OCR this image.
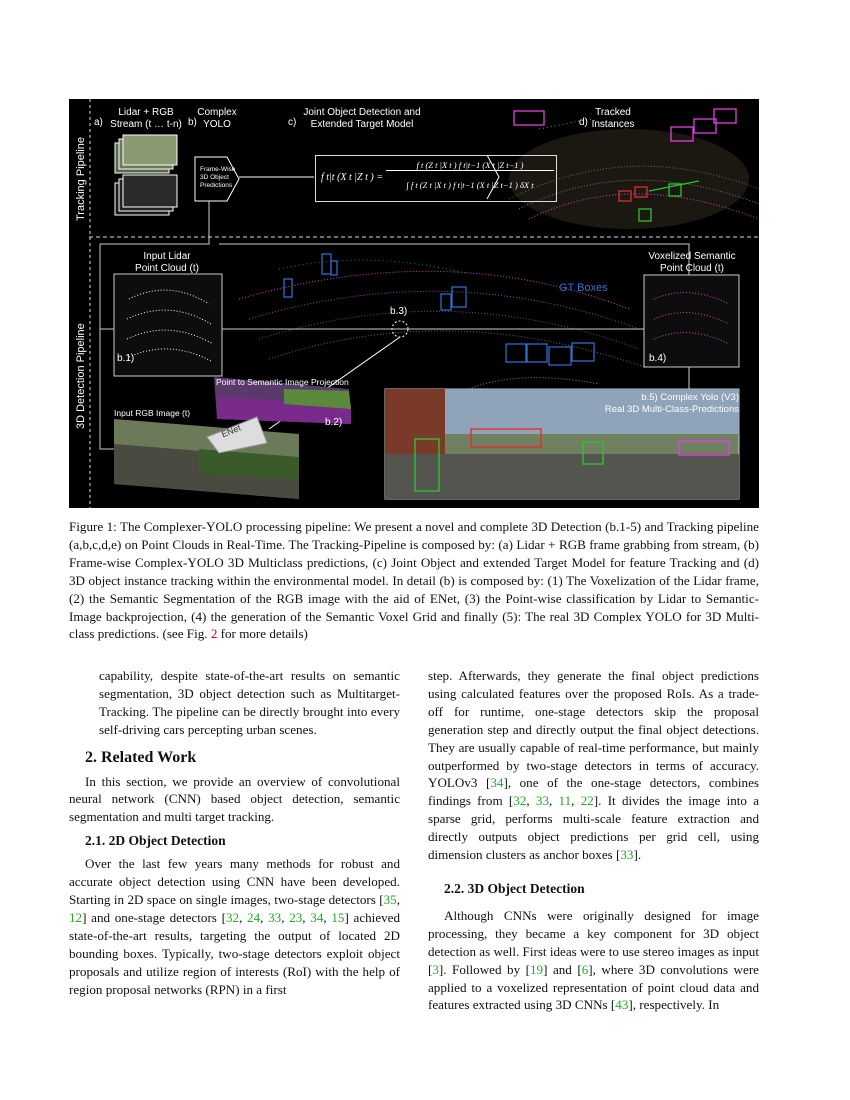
Tracking Pipeline
3D Detection Pipeline
a)
Lidar + RGB
Stream (t … t-n) b)
Complex
YOLO	c)
Joint Object Detection and
Extended Target Model	d)
Tracked
Instances
Frame-Wise
3D Object
Predictions
f t|t (X t |Z t ) =
f t (Z t |X t ) f t|t−1 (X t |Z t−1 )
∫ f t (Z t |X t ) f t|t−1 (X t |Z t−1 ) δX t
Input Lidar
Point Cloud (t)
Voxelized Semantic
Point Cloud (t)
GT Boxes
b.1)
b.3)
b.4)
b.2)
Point to Semantic Image Projection
Input RGB Image (t)
ENet
b.5) Complex Yolo (V3)
Real 3D Multi-Class-Predictions
Figure 1: The Complexer-YOLO processing pipeline: We present a novel and complete 3D Detection (b.1-5) and Tracking pipeline (a,b,c,d,e) on Point Clouds in Real-Time. The Tracking-Pipeline is composed by: (a) Lidar + RGB frame grabbing from stream, (b) Frame-wise Complex-YOLO 3D Multiclass predictions, (c) Joint Object and extended Target Model for feature Tracking and (d) 3D object instance tracking within the environmental model. In detail (b) is composed by: (1) The Voxelization of the Lidar frame, (2) the Semantic Segmentation of the RGB image with the aid of ENet, (3) the Point-wise classification by Lidar to Semantic-Image backprojection, (4) the generation of the Semantic Voxel Grid and finally (5): The real 3D Complex YOLO for 3D Multi-class predictions. (see Fig. 2 for more details)

capability, despite state-of-the-art results on semantic segmentation, 3D object detection such as Multitarget-Tracking. The pipeline can be directly brought into every self-driving cars percepting urban scenes.

2. Related Work

In this section, we provide an overview of convolutional neural network (CNN) based object detection, semantic segmentation and multi target tracking.

2.1. 2D Object Detection

Over the last few years many methods for robust and accurate object detection using CNN have been developed. Starting in 2D space on single images, two-stage detectors [35, 12] and one-stage detectors [32, 24, 33, 23, 34, 15] achieved state-of-the-art results, targeting the output of located 2D bounding boxes. Typically, two-stage detectors exploit object proposals and utilize region of interests (RoI) with the help of region proposal networks (RPN) in a first

step. Afterwards, they generate the final object predictions using calculated features over the proposed RoIs. As a trade-off for runtime, one-stage detectors skip the proposal generation step and directly output the final object detections. They are usually capable of real-time performance, but mainly outperformed by two-stage detectors in terms of accuracy. YOLOv3 [34], one of the one-stage detectors, combines findings from [32, 33, 11, 22]. It divides the image into a sparse grid, performs multi-scale feature extraction and directly outputs object predictions per grid cell, using dimension clusters as anchor boxes [33].

2.2. 3D Object Detection

Although CNNs were originally designed for image processing, they became a key component for 3D object detection as well. First ideas were to use stereo images as input [3]. Followed by [19] and [6], where 3D convolutions were applied to a voxelized representation of point cloud data and features extracted using 3D CNNs [43], respectively. In
